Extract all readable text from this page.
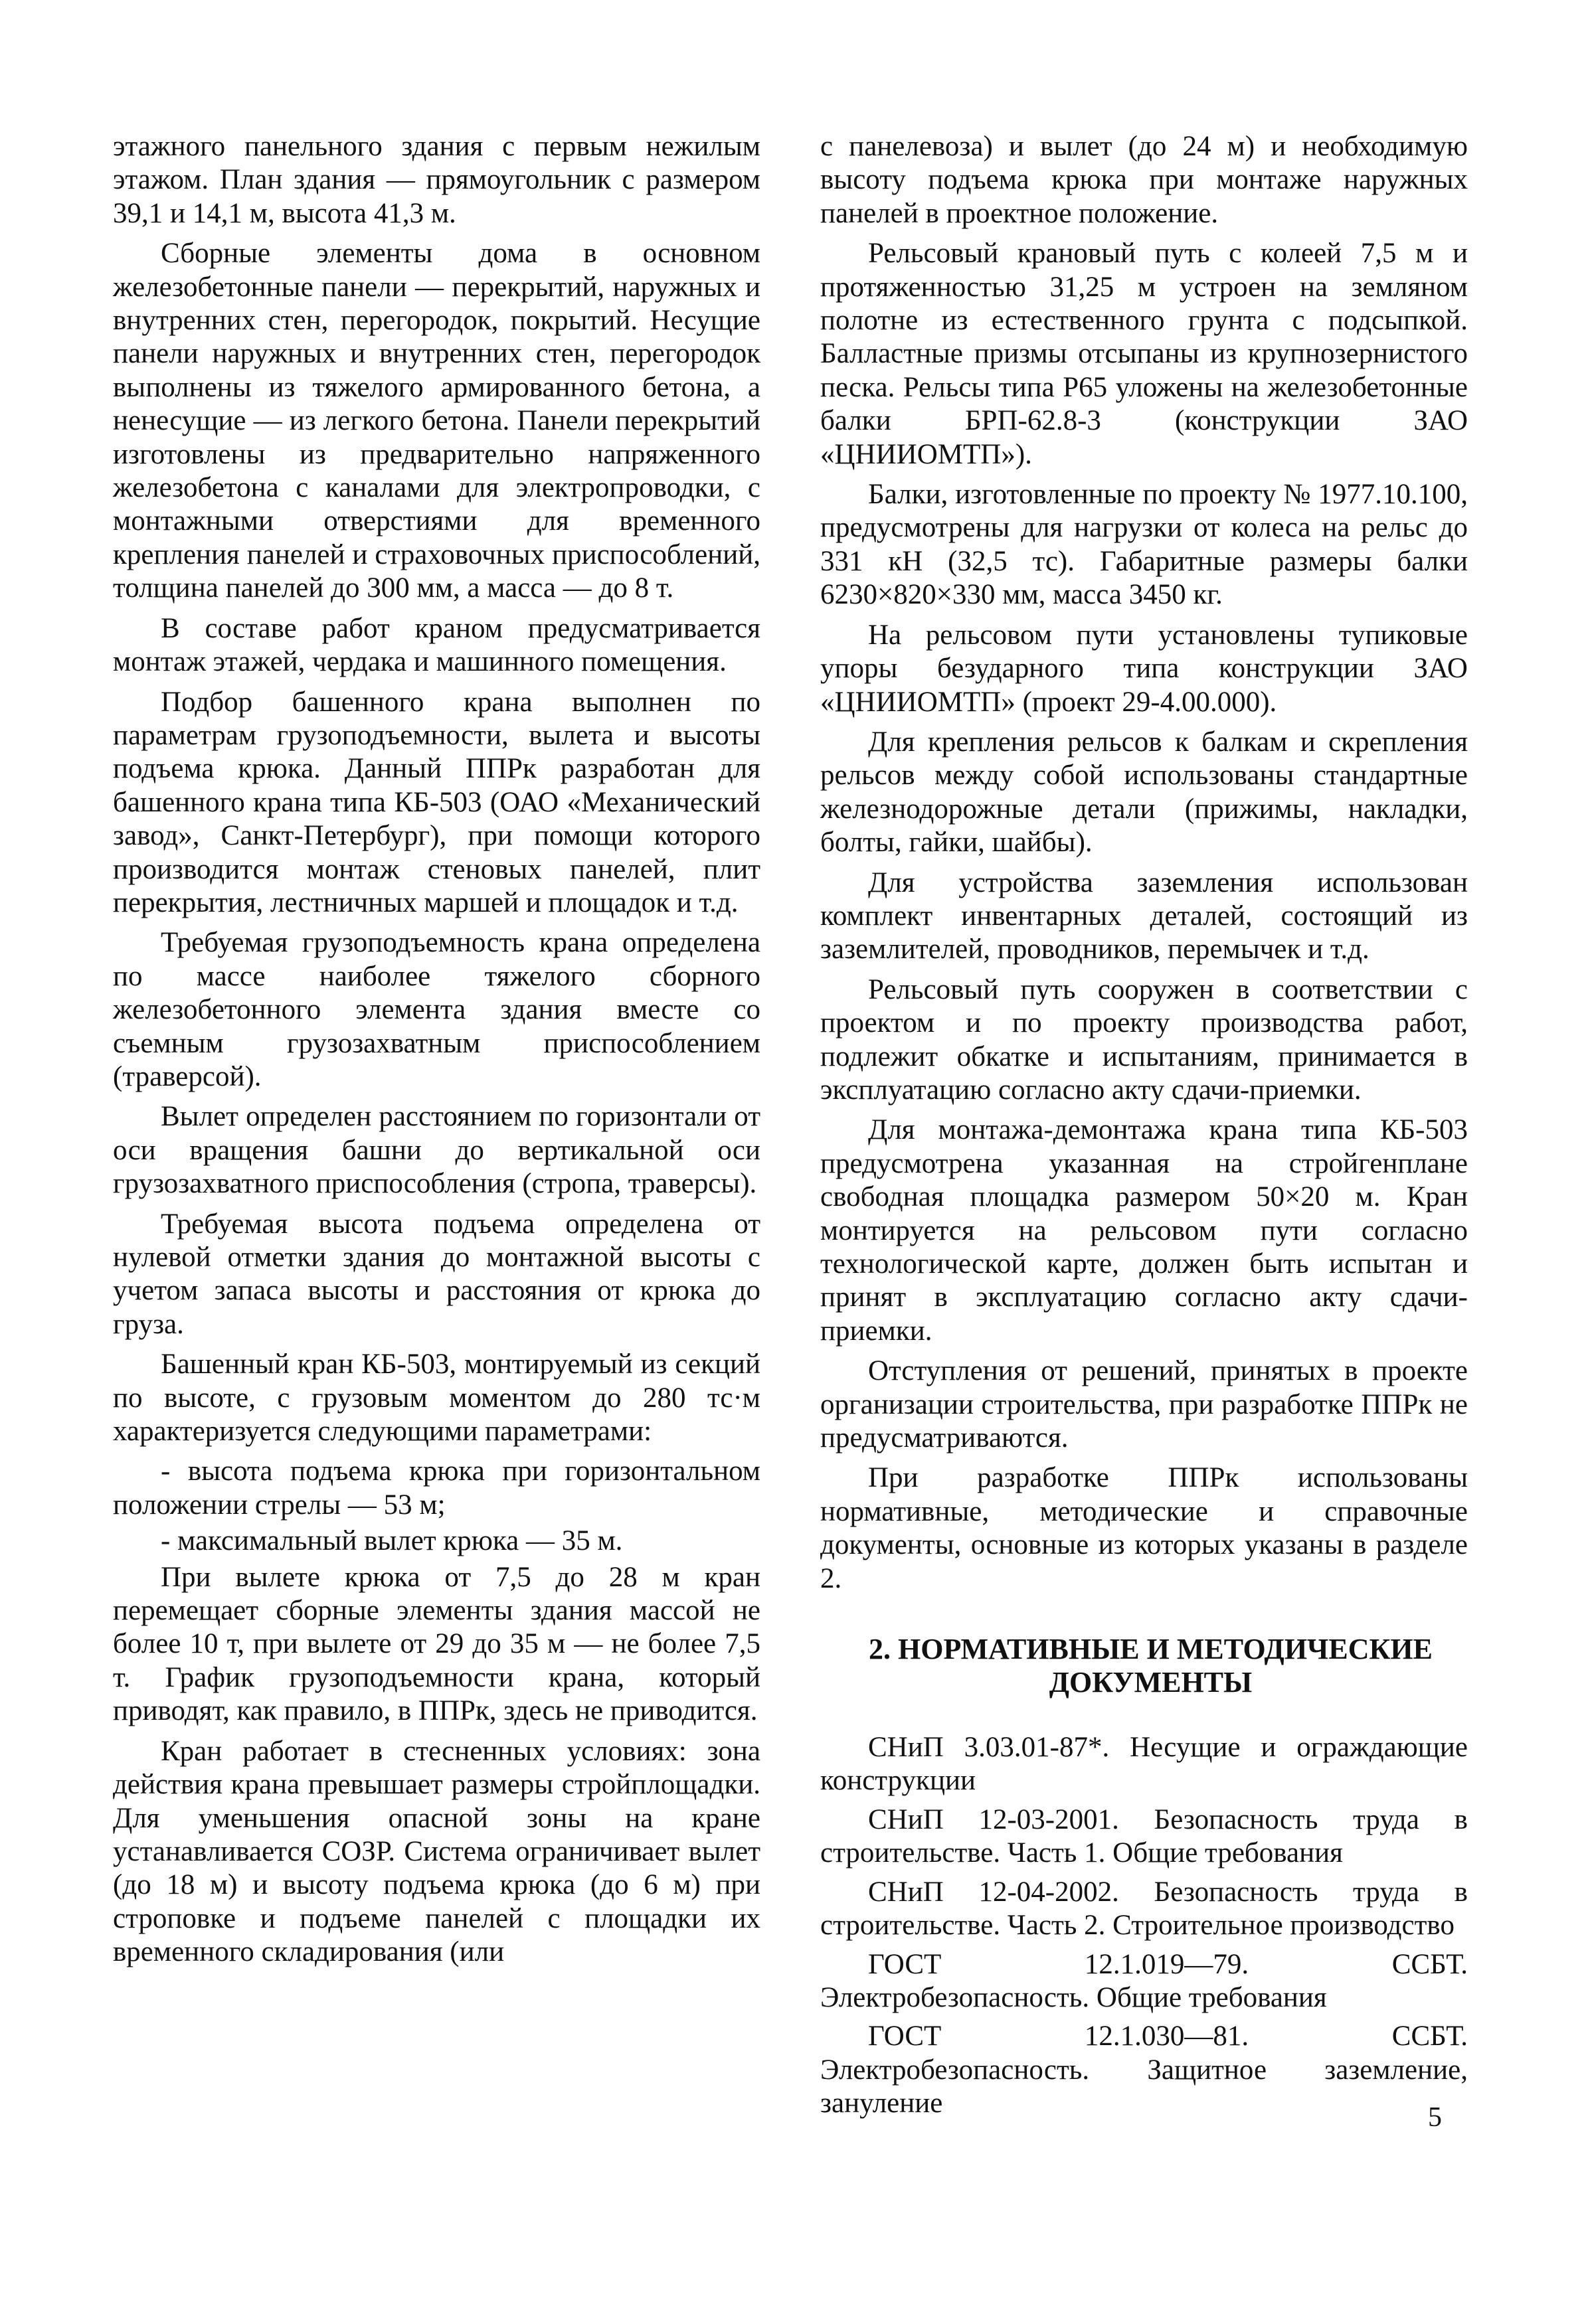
этажного панельного здания с первым нежилым этажом. План здания — прямоугольник с размером 39,1 и 14,1 м, высота 41,3 м.

Сборные элементы дома в основном железобетонные панели — перекрытий, наружных и внутренних стен, перегородок, покрытий. Несущие панели наружных и внутренних стен, перегородок выполнены из тяжелого армированного бетона, а ненесущие — из легкого бетона. Панели перекрытий изготовлены из предварительно напряженного железобетона с каналами для электропроводки, с монтажными отверстиями для временного крепления панелей и страховочных приспособлений, толщина панелей до 300 мм, а масса — до 8 т.

В составе работ краном предусматривается монтаж этажей, чердака и машинного помещения.

Подбор башенного крана выполнен по параметрам грузоподъемности, вылета и высоты подъема крюка. Данный ППРк разработан для башенного крана типа КБ-503 (ОАО «Механический завод», Санкт-Петербург), при помощи которого производится монтаж стеновых панелей, плит перекрытия, лестничных маршей и площадок и т.д.

Требуемая грузоподъемность крана определена по массе наиболее тяжелого сборного железобетонного элемента здания вместе со съемным грузозахватным приспособлением (траверсой).

Вылет определен расстоянием по горизонтали от оси вращения башни до вертикальной оси грузозахватного приспособления (стропа, траверсы).

Требуемая высота подъема определена от нулевой отметки здания до монтажной высоты с учетом запаса высоты и расстояния от крюка до груза.

Башенный кран КБ-503, монтируемый из секций по высоте, с грузовым моментом до 280 тс·м характеризуется следующими параметрами:

- высота подъема крюка при горизонтальном положении стрелы — 53 м;

- максимальный вылет крюка — 35 м.

При вылете крюка от 7,5 до 28 м кран перемещает сборные элементы здания массой не более 10 т, при вылете от 29 до 35 м — не более 7,5 т. График грузоподъемности крана, который приводят, как правило, в ППРк, здесь не приводится.

Кран работает в стесненных условиях: зона действия крана превышает размеры стройплощадки. Для уменьшения опасной зоны на кране устанавливается СОЗР. Система ограничивает вылет (до 18 м) и высоту подъема крюка (до 6 м) при строповке и подъеме панелей с площадки их временного складирования (или

с панелевоза) и вылет (до 24 м) и необходимую высоту подъема крюка при монтаже наружных панелей в проектное положение.

Рельсовый крановый путь с колеей 7,5 м и протяженностью 31,25 м устроен на земляном полотне из естественного грунта с подсыпкой. Балластные призмы отсыпаны из крупнозернистого песка. Рельсы типа Р65 уложены на железобетонные балки БРП-62.8-3 (конструкции ЗАО «ЦНИИОМТП»).

Балки, изготовленные по проекту № 1977.10.100, предусмотрены для нагрузки от колеса на рельс до 331 кН (32,5 тс). Габаритные размеры балки 6230×820×330 мм, масса 3450 кг.

На рельсовом пути установлены тупиковые упоры безударного типа конструкции ЗАО «ЦНИИОМТП» (проект 29-4.00.000).

Для крепления рельсов к балкам и скрепления рельсов между собой использованы стандартные железнодорожные детали (прижимы, накладки, болты, гайки, шайбы).

Для устройства заземления использован комплект инвентарных деталей, состоящий из заземлителей, проводников, перемычек и т.д.

Рельсовый путь сооружен в соответствии с проектом и по проекту производства работ, подлежит обкатке и испытаниям, принимается в эксплуатацию согласно акту сдачи-приемки.

Для монтажа-демонтажа крана типа КБ-503 предусмотрена указанная на стройгенплане свободная площадка размером 50×20 м. Кран монтируется на рельсовом пути согласно технологической карте, должен быть испытан и принят в эксплуатацию согласно акту сдачи-приемки.

Отступления от решений, принятых в проекте организации строительства, при разработке ППРк не предусматриваются.

При разработке ППРк использованы нормативные, методические и справочные документы, основные из которых указаны в разделе 2.

2. НОРМАТИВНЫЕ И МЕТОДИЧЕСКИЕ ДОКУМЕНТЫ

СНиП 3.03.01-87*. Несущие и ограждающие конструкции

СНиП 12-03-2001. Безопасность труда в строительстве. Часть 1. Общие требования

СНиП 12-04-2002. Безопасность труда в строительстве. Часть 2. Строительное производство

ГОСТ 12.1.019—79. ССБТ. Электробезопасность. Общие требования

ГОСТ 12.1.030—81. ССБТ. Электробезопасность. Защитное заземление, зануление	5
